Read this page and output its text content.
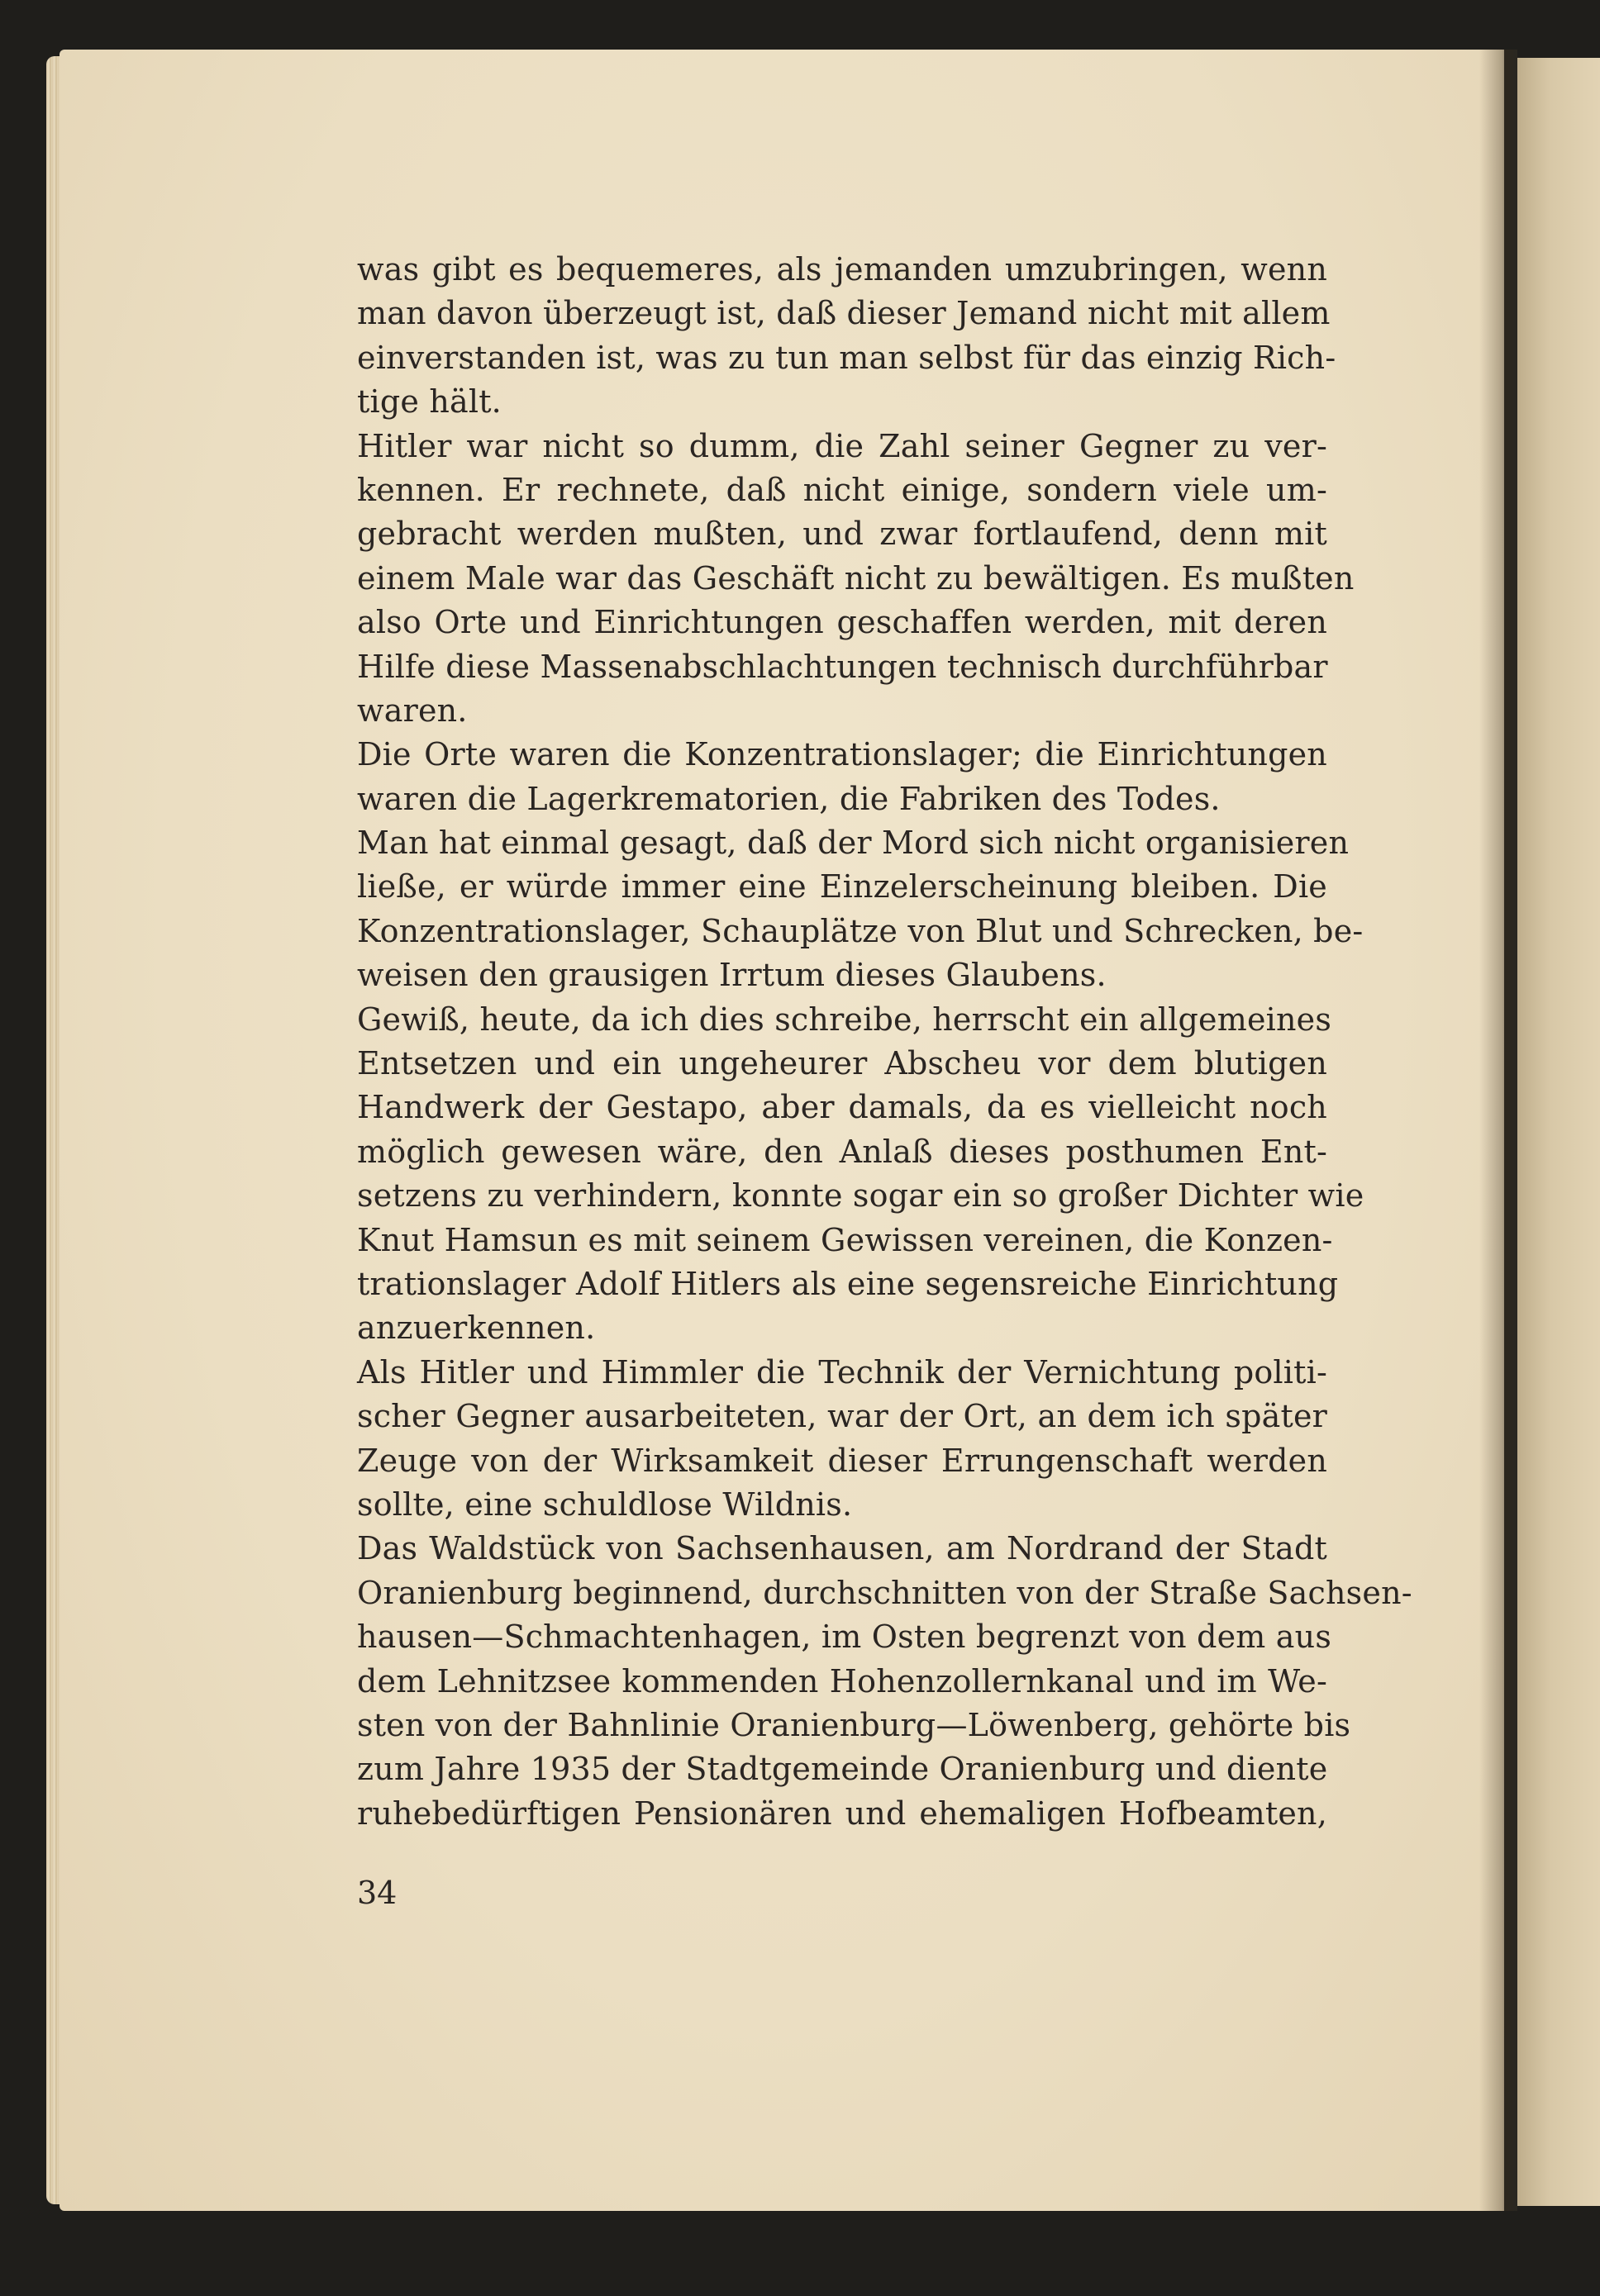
was gibt es bequemeres, als jemanden umzubringen, wenn
man davon überzeugt ist, daß dieser Jemand nicht mit allem
einverstanden ist, was zu tun man selbst für das einzig Rich-
tige hält.
Hitler war nicht so dumm, die Zahl seiner Gegner zu ver-
kennen. Er rechnete, daß nicht einige, sondern viele um-
gebracht werden mußten, und zwar fortlaufend, denn mit
einem Male war das Geschäft nicht zu bewältigen. Es mußten
also Orte und Einrichtungen geschaffen werden, mit deren
Hilfe diese Massenabschlachtungen technisch durchführbar
waren.
Die Orte waren die Konzentrationslager; die Einrichtungen
waren die Lagerkrematorien, die Fabriken des Todes.
Man hat einmal gesagt, daß der Mord sich nicht organisieren
ließe, er würde immer eine Einzelerscheinung bleiben. Die
Konzentrationslager, Schauplätze von Blut und Schrecken, be-
weisen den grausigen Irrtum dieses Glaubens.
Gewiß, heute, da ich dies schreibe, herrscht ein allgemeines
Entsetzen und ein ungeheurer Abscheu vor dem blutigen
Handwerk der Gestapo, aber damals, da es vielleicht noch
möglich gewesen wäre, den Anlaß dieses posthumen Ent-
setzens zu verhindern, konnte sogar ein so großer Dichter wie
Knut Hamsun es mit seinem Gewissen vereinen, die Konzen-
trationslager Adolf Hitlers als eine segensreiche Einrichtung
anzuerkennen.
Als Hitler und Himmler die Technik der Vernichtung politi-
scher Gegner ausarbeiteten, war der Ort, an dem ich später
Zeuge von der Wirksamkeit dieser Errungenschaft werden
sollte, eine schuldlose Wildnis.
Das Waldstück von Sachsenhausen, am Nordrand der Stadt
Oranienburg beginnend, durchschnitten von der Straße Sachsen-
hausen—Schmachtenhagen, im Osten begrenzt von dem aus
dem Lehnitzsee kommenden Hohenzollernkanal und im We-
sten von der Bahnlinie Oranienburg—Löwenberg, gehörte bis
zum Jahre 1935 der Stadtgemeinde Oranienburg und diente
ruhebedürftigen Pensionären und ehemaligen Hofbeamten,
34
